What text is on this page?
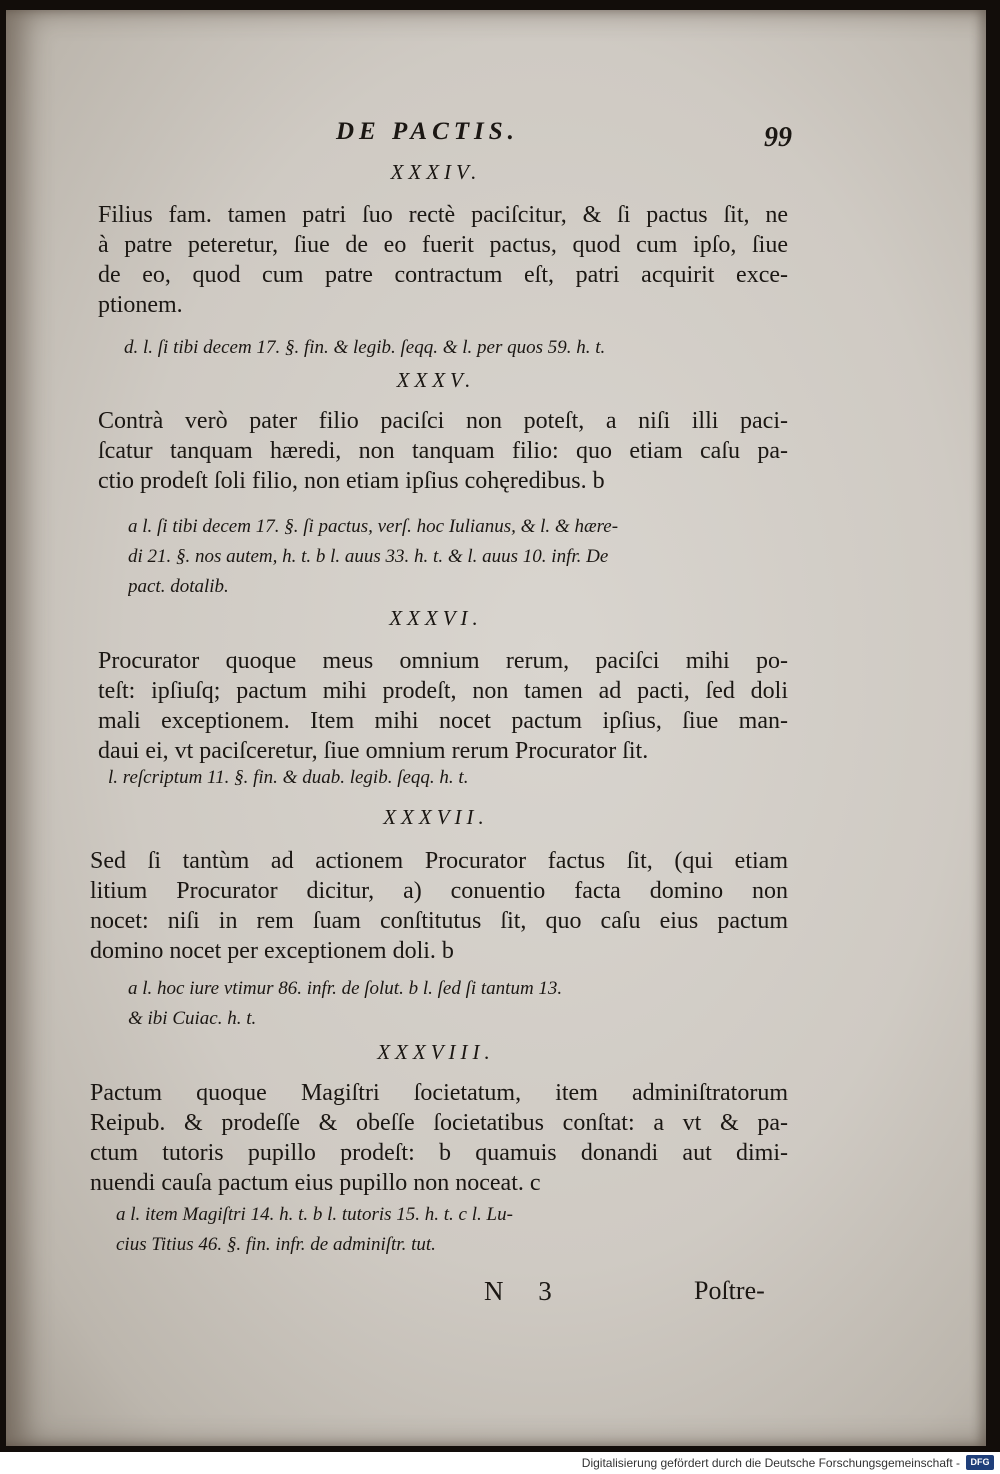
DE PACTIS.	99
XXXIV.
Filius fam. tamen patri ſuo rectè paciſcitur, & ſi pactus ſit, ne
à patre peteretur, ſiue de eo fuerit pactus, quod cum ipſo, ſiue
de eo, quod cum patre contractum eſt, patri acquirit exce-
ptionem.
d. l. ſi tibi decem 17. §. fin. & legib. ſeqq. & l. per quos 59. h. t.
XXXV.
Contrà verò pater filio paciſci non poteſt, a niſi illi paci-
ſcatur tanquam hæredi, non tanquam filio: quo etiam caſu pa-
ctio prodeſt ſoli filio, non etiam ipſius cohęredibus. b
a l. ſi tibi decem 17. §. ſi pactus, verſ. hoc Iulianus, & l. & hære-
di 21. §. nos autem, h. t. b l. auus 33. h. t. & l. auus 10. infr. De
pact. dotalib.
XXXVI.
Procurator quoque meus omnium rerum, paciſci mihi po-
teſt: ipſiuſq; pactum mihi prodeſt, non tamen ad pacti, ſed doli
mali exceptionem. Item mihi nocet pactum ipſius, ſiue man-
daui ei, vt paciſceretur, ſiue omnium rerum Procurator ſit.
l. reſcriptum 11. §. fin. & duab. legib. ſeqq. h. t.
XXXVII.
Sed ſi tantùm ad actionem Procurator factus ſit, (qui etiam
litium Procurator dicitur, a) conuentio facta domino non
nocet: niſi in rem ſuam conſtitutus ſit, quo caſu eius pactum
domino nocet per exceptionem doli. b
a l. hoc iure vtimur 86. infr. de ſolut. b l. ſed ſi tantum 13.
& ibi Cuiac. h. t.
XXXVIII.
Pactum quoque Magiſtri ſocietatum, item adminiſtratorum
Reipub. & prodeſſe & obeſſe ſocietatibus conſtat: a vt & pa-
ctum tutoris pupillo prodeſt: b quamuis donandi aut dimi-
nuendi cauſa pactum eius pupillo non noceat. c
a l. item Magiſtri 14. h. t. b l. tutoris 15. h. t. c l. Lu-
cius Titius 46. §. fin. infr. de adminiſtr. tut.
N 3	Poſtre-
Digitalisierung gefördert durch die Deutsche Forschungsgemeinschaft -	DFG
